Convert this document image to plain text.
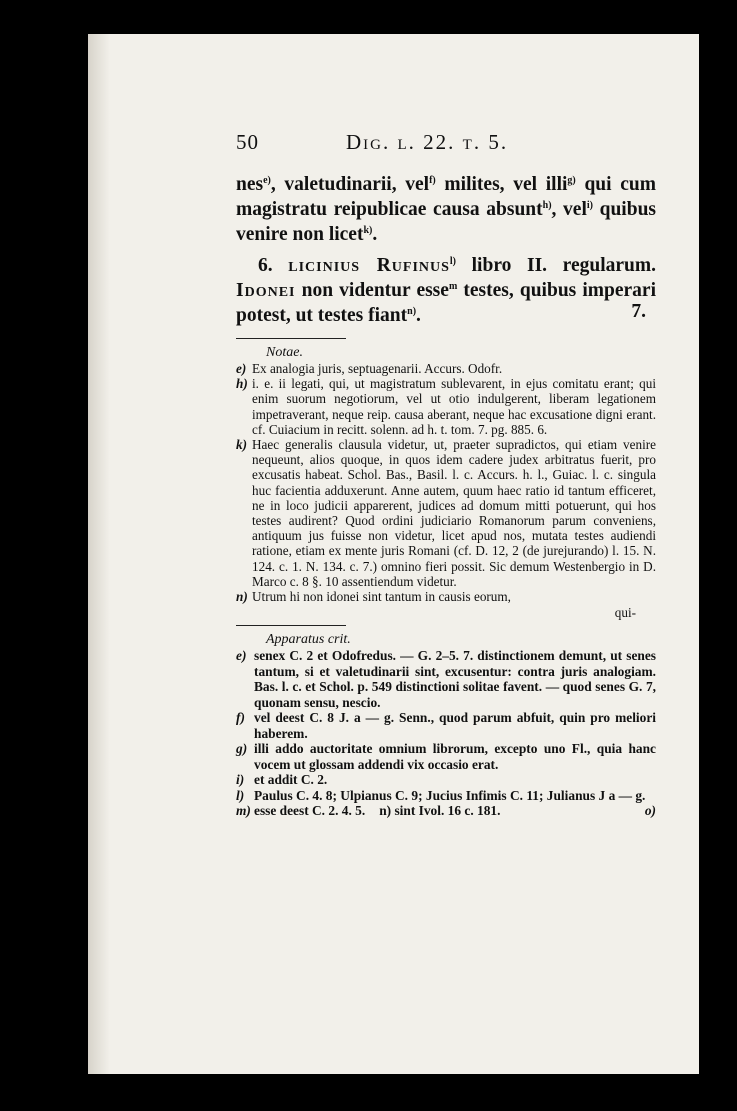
50	Dig. l. 22. t. 5.

nes$^{e)}$, valetudinarii, vel$^{f)}$ milites, vel illi$^{g)}$ qui cum magistratu reipublicae causa absunt$^{h)}$, vel$^{i)}$ quibus venire non licet$^{k)}$.

6. licinius Rufinus$^{l)}$ libro II. regularum. Idonei non videntur esse$^m$ testes, quibus imperari potest, ut testes fiant$^{n)}$.	7.

Notae.

e) Ex analogia juris, septuagenarii. Accurs. Odofr.

h) i. e. ii legati, qui, ut magistratum sublevarent, in ejus comitatu erant; qui enim suorum negotiorum, vel ut otio indulgerent, liberam legationem impetraverant, neque reip. causa aberant, neque hac excusatione digni erant. cf. Cuiacium in recitt. solenn. ad h. t. tom. 7. pg. 885. 6.

k) Haec generalis clausula videtur, ut, praeter supradictos, qui etiam venire nequeunt, alios quoque, in quos idem cadere judex arbitratus fuerit, pro excusatis habeat. Schol. Bas., Basil. l. c. Accurs. h. l., Guiac. l. c. singula huc facientia adduxerunt. Anne autem, quum haec ratio id tantum efficeret, ne in loco judicii apparerent, judices ad domum mitti potuerunt, qui hos testes audirent? Quod ordini judiciario Romanorum parum conveniens, antiquum jus fuisse non videtur, licet apud nos, mutata testes audiendi ratione, etiam ex mente juris Romani (cf. D. 12, 2 (de jurejurando) l. 15. N. 124. c. 1. N. 134. c. 7.) omnino fieri possit. Sic demum Westenbergio in D. Marco c. 8 §. 10 assentiendum videtur.

n) Utrum hi non idonei sint tantum in causis eorum,

qui-
Apparatus crit.

e) senex C. 2 et Odofredus. — G. 2–5. 7. distinctionem demunt, ut senes tantum, si et valetudinarii sint, excusentur: contra juris analogiam. Bas. l. c. et Schol. p. 549 distinctioni solitae favent. — quod senes G. 7, quonam sensu, nescio.

f) vel deest C. 8 J. a — g. Senn., quod parum abfuit, quin pro meliori haberem.

g) illi addo auctoritate omnium librorum, excepto uno Fl., quia hanc vocem ut glossam addendi vix occasio erat.

i) et addit C. 2.

l) Paulus C. 4. 8; Ulpianus C. 9; Jucius Infimis C. 11; Julianus J a — g.

m) esse deest C. 2. 4. 5. n) sint Ivol. 16 c. 181.	o)
